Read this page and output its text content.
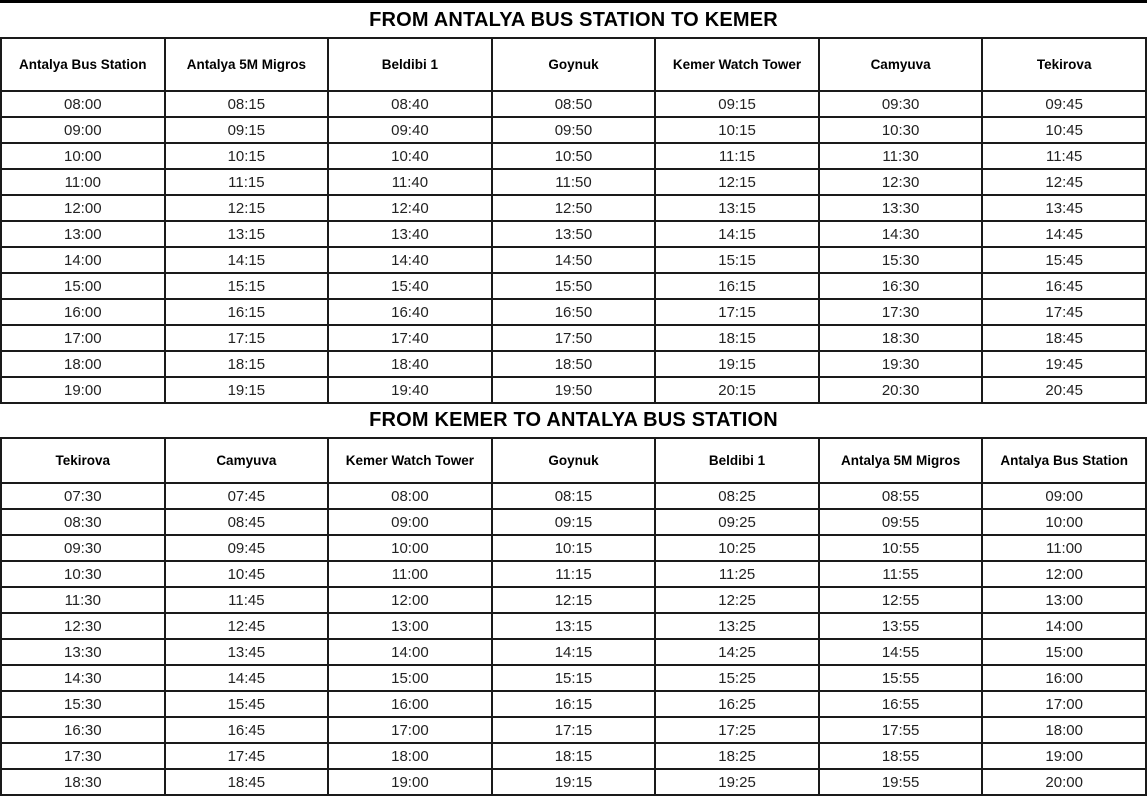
FROM ANTALYA BUS STATION TO KEMER
Antalya Bus Station	Antalya 5M Migros	Beldibi 1	Goynuk	Kemer Watch Tower	Camyuva	Tekirova
08:00	08:15	08:40	08:50	09:15	09:30	09:45
09:00	09:15	09:40	09:50	10:15	10:30	10:45
10:00	10:15	10:40	10:50	11:15	11:30	11:45
11:00	11:15	11:40	11:50	12:15	12:30	12:45
12:00	12:15	12:40	12:50	13:15	13:30	13:45
13:00	13:15	13:40	13:50	14:15	14:30	14:45
14:00	14:15	14:40	14:50	15:15	15:30	15:45
15:00	15:15	15:40	15:50	16:15	16:30	16:45
16:00	16:15	16:40	16:50	17:15	17:30	17:45
17:00	17:15	17:40	17:50	18:15	18:30	18:45
18:00	18:15	18:40	18:50	19:15	19:30	19:45
19:00	19:15	19:40	19:50	20:15	20:30	20:45
FROM KEMER TO ANTALYA BUS STATION
Tekirova	Camyuva	Kemer Watch Tower	Goynuk	Beldibi 1	Antalya 5M Migros	Antalya Bus Station
07:30	07:45	08:00	08:15	08:25	08:55	09:00
08:30	08:45	09:00	09:15	09:25	09:55	10:00
09:30	09:45	10:00	10:15	10:25	10:55	11:00
10:30	10:45	11:00	11:15	11:25	11:55	12:00
11:30	11:45	12:00	12:15	12:25	12:55	13:00
12:30	12:45	13:00	13:15	13:25	13:55	14:00
13:30	13:45	14:00	14:15	14:25	14:55	15:00
14:30	14:45	15:00	15:15	15:25	15:55	16:00
15:30	15:45	16:00	16:15	16:25	16:55	17:00
16:30	16:45	17:00	17:15	17:25	17:55	18:00
17:30	17:45	18:00	18:15	18:25	18:55	19:00
18:30	18:45	19:00	19:15	19:25	19:55	20:00
